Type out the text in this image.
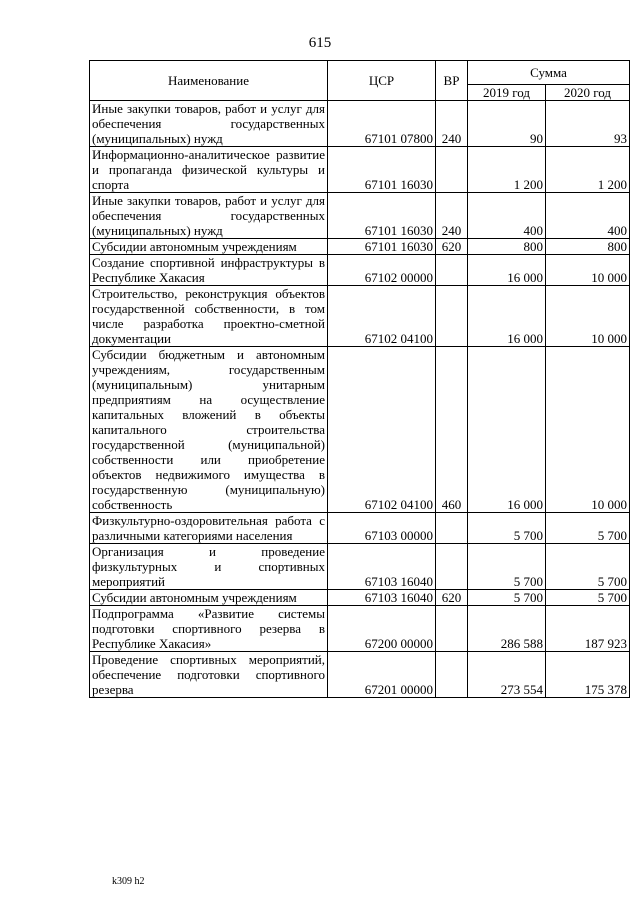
615
Наименование	ЦСР	ВР	Сумма	
			2019 год	2020 год
Иные закупки товаров, работ и услуг для обеспечения государственных (муниципальных) нужд	67101 07800	240	90	93
Информационно-аналитическое развитие и пропаганда физической культуры и спорта	67101 16030		1 200	1 200
Иные закупки товаров, работ и услуг для обеспечения государственных (муниципальных) нужд	67101 16030	240	400	400
Субсидии автономным учреждениям	67101 16030	620	800	800
Создание спортивной инфраструктуры в Республике Хакасия	67102 00000		16 000	10 000
Строительство, реконструкция объектов государственной собственности, в том числе разработка проектно-сметной документации	67102 04100		16 000	10 000
Субсидии бюджетным и автономным учреждениям, государственным (муниципальным) унитарным предприятиям на осуществление капитальных вложений в объекты капитального строительства государственной (муниципальной) собственности или приобретение объектов недвижимого имущества в государственную (муниципальную) собственность	67102 04100	460	16 000	10 000
Физкультурно-оздоровительная работа с различными категориями населения	67103 00000		5 700	5 700
Организация и проведение физкультурных и спортивных мероприятий	67103 16040		5 700	5 700
Субсидии автономным учреждениям	67103 16040	620	5 700	5 700
Подпрограмма «Развитие системы подготовки спортивного резерва в Республике Хакасия»	67200 00000		286 588	187 923
Проведение спортивных мероприятий, обеспечение подготовки спортивного резерва	67201 00000		273 554	175 378
k309 h2
